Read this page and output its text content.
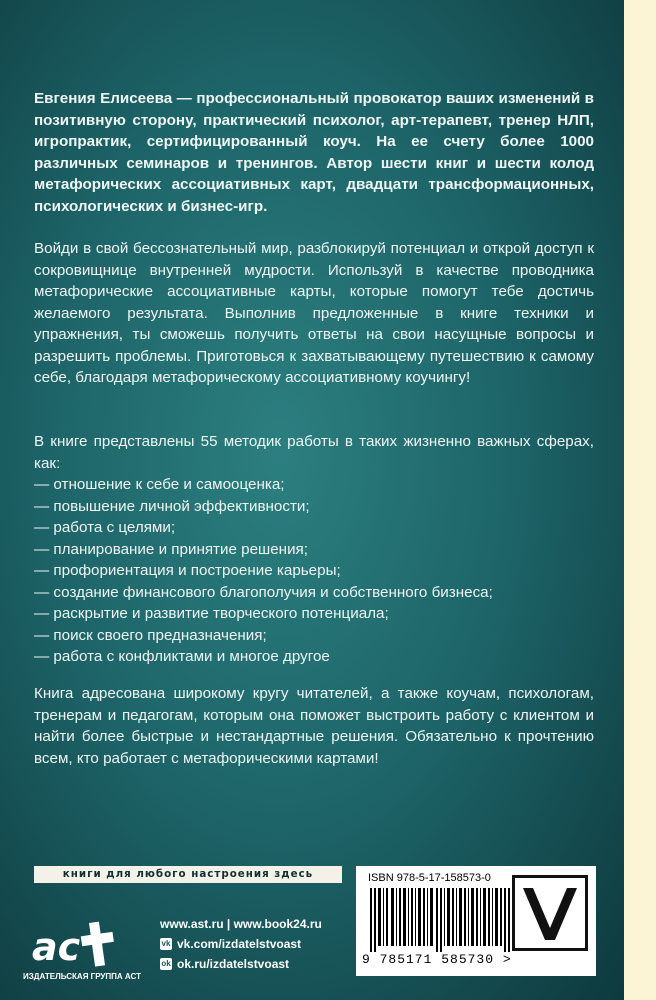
Евгения Елисеева — профессиональный провокатор ваших изменений в позитивную сторону, практический психолог, арт-терапевт, тренер НЛП, игропрактик, сертифицированный коуч. На ее счету более 1000 различных семинаров и тренингов. Автор шести книг и шести колод метафорических ассоциативных карт, двадцати трансформационных, психологических и бизнес-игр.

Войди в свой бессознательный мир, разблокируй потенциал и открой доступ к сокровищнице внутренней мудрости. Используй в качестве проводника метафорические ассоциативные карты, которые помогут тебе достичь желаемого результата. Выполнив предложенные в книге техники и упражнения, ты сможешь получить ответы на свои насущные вопросы и разрешить проблемы. Приготовься к захватывающему путешествию к самому себе, благодаря метафорическому ассоциативному коучингу!

В книге представлены 55 методик работы в таких жизненно важных сферах, как:

— отношение к себе и самооценка;
— повышение личной эффективности;
— работа с целями;
— планирование и принятие решения;
— профориентация и построение карьеры;
— создание финансового благополучия и собственного бизнеса;
— раскрытие и развитие творческого потенциала;
— поиск своего предназначения;
— работа с конфликтами и многое другое

Книга адресована широкому кругу читателей, а также коучам, психологам, тренерам и педагогам, которым она поможет выстроить работу с клиентом и найти более быстрые и нестандартные решения. Обязательно к прочтению всем, кто работает с метафорическими картами!

книги для любого настроения здесь
ac
ИЗДАТЕЛЬСКАЯ ГРУППА АСТ
www.ast.ru | www.book24.ru
vk vk.com/izdatelstvoast
ok ok.ru/izdatelstvoast
ISBN 978-5-17-158573-0
9 785171 585730 >
